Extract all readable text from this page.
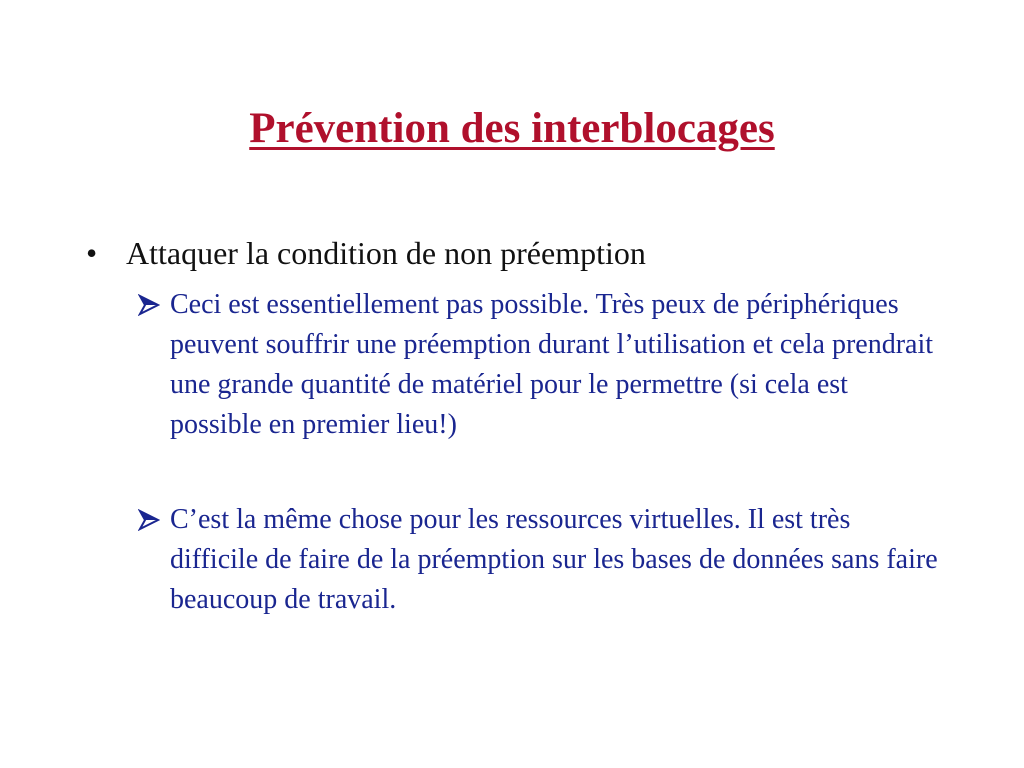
Prévention des interblocages
• Attaquer la condition de non préemption
Ceci est essentiellement pas possible. Très peux de périphériques peuvent souffrir une préemption durant l’utilisation et cela prendrait une grande quantité de matériel pour le permettre (si cela est possible en premier lieu!)
C’est la même chose pour les ressources virtuelles. Il est très difficile de faire de la préemption sur les bases de données sans faire beaucoup de travail.
